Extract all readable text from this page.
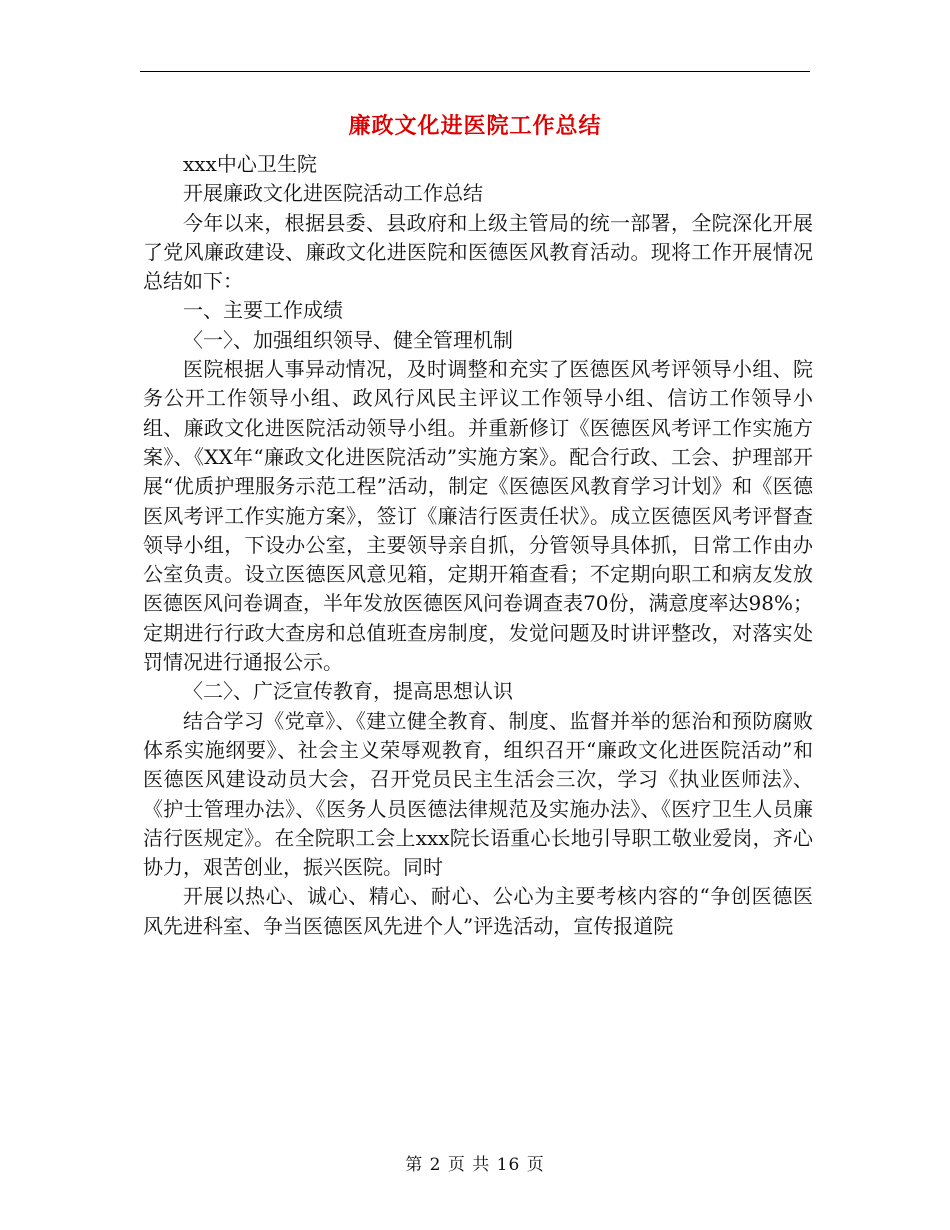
廉政文化进医院工作总结

xxx中心卫生院

开展廉政文化进医院活动工作总结

今年以来，根据县委、县政府和上级主管局的统一部署，全院深化开展了党风廉政建设、廉政文化进医院和医德医风教育活动。现将工作开展情况总结如下：

一、主要工作成绩

〈一〉、加强组织领导、健全管理机制

医院根据人事异动情况，及时调整和充实了医德医风考评领导小组、院务公开工作领导小组、政风行风民主评议工作领导小组、信访工作领导小组、廉政文化进医院活动领导小组。并重新修订《医德医风考评工作实施方案》、《XX年“廉政文化进医院活动”实施方案》。配合行政、工会、护理部开展“优质护理服务示范工程”活动，制定《医德医风教育学习计划》和《医德医风考评工作实施方案》，签订《廉洁行医责任状》。成立医德医风考评督查领导小组，下设办公室，主要领导亲自抓，分管领导具体抓，日常工作由办公室负责。设立医德医风意见箱，定期开箱查看；不定期向职工和病友发放医德医风问卷调查，半年发放医德医风问卷调查表70份，满意度率达98%；定期进行行政大查房和总值班查房制度，发觉问题及时讲评整改，对落实处罚情况进行通报公示。

〈二〉、广泛宣传教育，提高思想认识

结合学习《党章》、《建立健全教育、制度、监督并举的惩治和预防腐败体系实施纲要》、社会主义荣辱观教育，组织召开“廉政文化进医院活动”和医德医风建设动员大会，召开党员民主生活会三次，学习《执业医师法》、《护士管理办法》、《医务人员医德法律规范及实施办法》、《医疗卫生人员廉洁行医规定》。在全院职工会上xxx院长语重心长地引导职工敬业爱岗，齐心协力，艰苦创业，振兴医院。同时

开展以热心、诚心、精心、耐心、公心为主要考核内容的“争创医德医风先进科室、争当医德医风先进个人”评选活动，宣传报道院

第 2 页 共 16 页
